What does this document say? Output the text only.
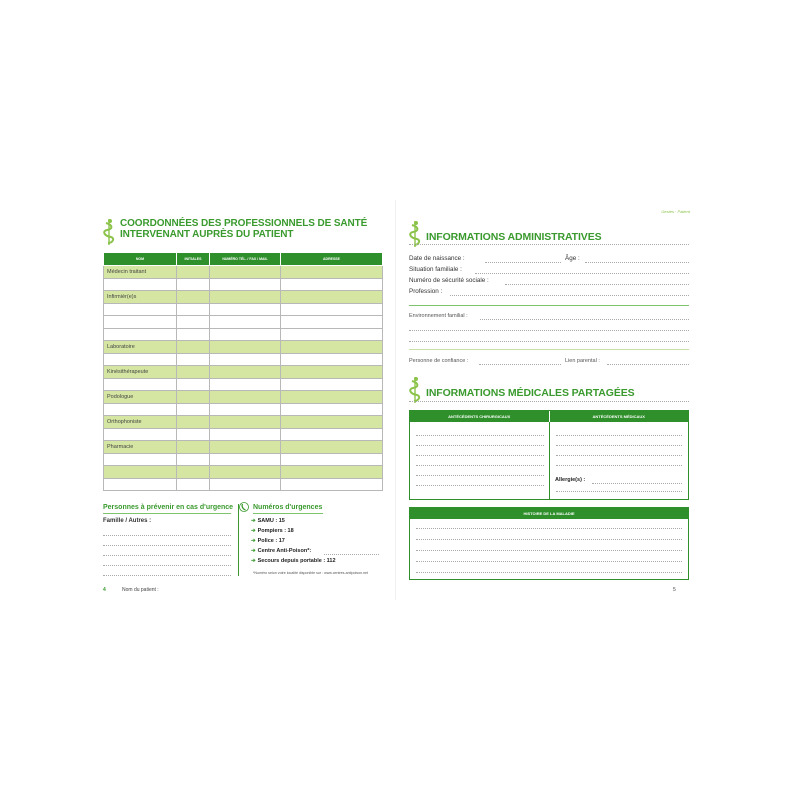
COORDONNÉES DES PROFESSIONNELS DE SANTÉ
INTERVENANT AUPRÈS DU PATIENT
NOM	INITIALES	NUMÉRO TÉL. / FAX / MAIL	ADRESSE
Médecin traitant			

Infirmièr(e)s			

Laboratoire			

Kinésithérapeute			

Podologue			

Orthophoniste			

Pharmacie			

Personnes à prévenir en cas d'urgence
Famille / Autres :
Numéros d'urgences
➔ SAMU : 15
➔ Pompiers : 18
➔ Police : 17
➔ Centre Anti-Poison*:
➔ Secours depuis portable : 112
*Numéro selon votre localité disponible sur : www.centres-antipoison.net
4	Nom du patient :
Gestes · Patient
INFORMATIONS ADMINISTRATIVES
Date de naissance :	Âge :
Situation familiale :
Numéro de sécurité sociale :
Profession :
Environnement familial :
Personne de confiance :	Lien parental :
INFORMATIONS MÉDICALES PARTAGÉES
ANTÉCÉDENTS CHIRURGICAUX	ANTÉCÉDENTS MÉDICAUX
Allergie(s) :
HISTOIRE DE LA MALADIE
5
